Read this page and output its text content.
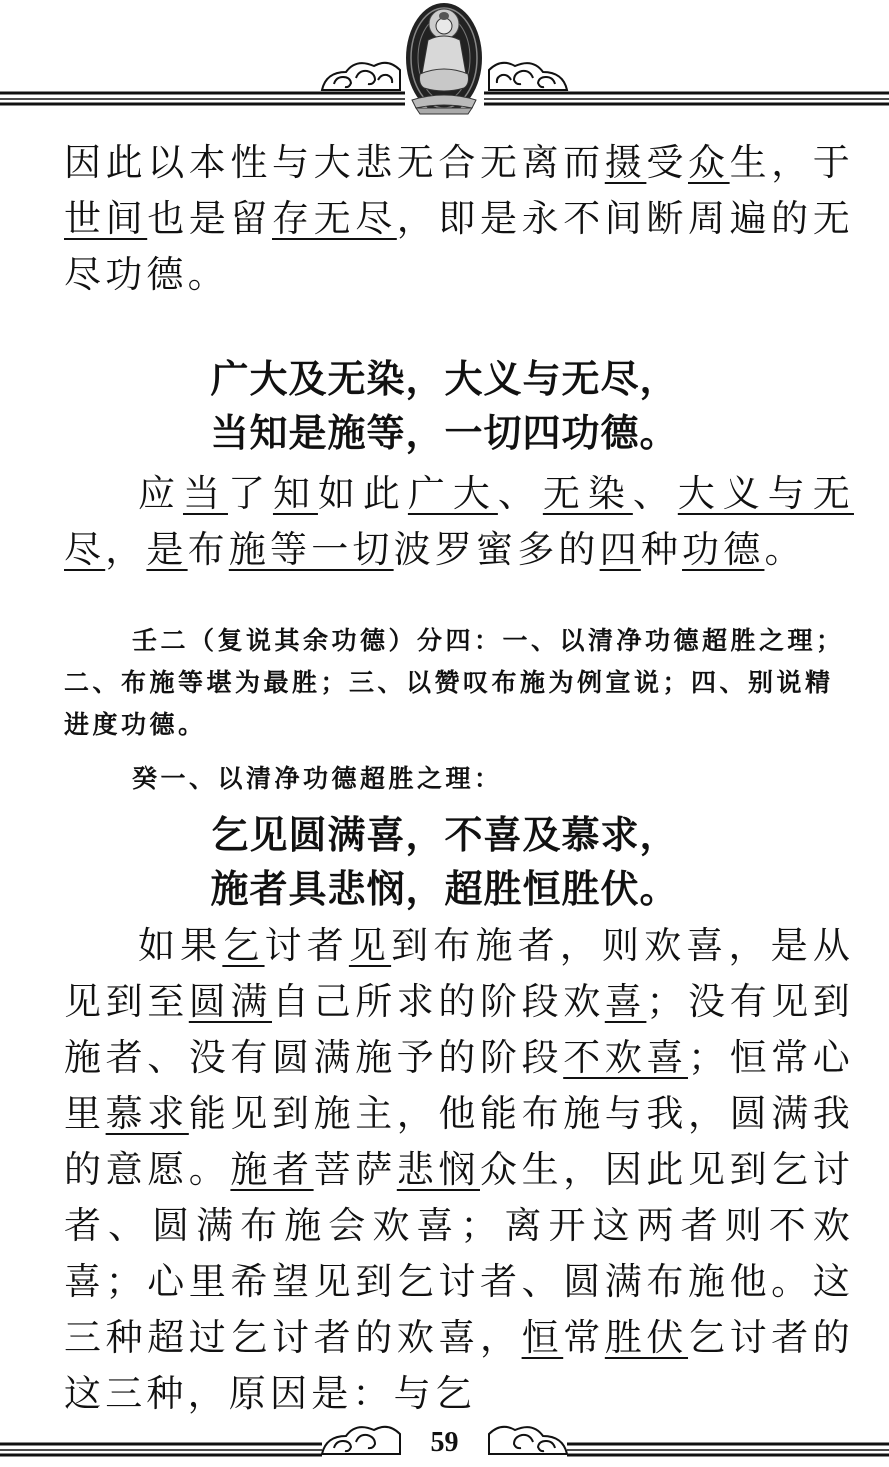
因此以本性与大悲无合无离而摄受众生，于世间也是留存无尽，即是永不间断周遍的无尽功德。

广大及无染，大义与无尽，
当知是施等，一切四功德。

应当了知如此广大、无染、大义与无尽，是布施等一切波罗蜜多的四种功德。

壬二（复说其余功德）分四：一、以清净功德超胜之理；二、布施等堪为最胜；三、以赞叹布施为例宣说；四、别说精进度功德。

癸一、以清净功德超胜之理：

乞见圆满喜，不喜及慕求，
施者具悲悯，超胜恒胜伏。

如果乞讨者见到布施者，则欢喜，是从见到至圆满自己所求的阶段欢喜；没有见到施者、没有圆满施予的阶段不欢喜；恒常心里慕求能见到施主，他能布施与我，圆满我的意愿。施者菩萨悲悯众生，因此见到乞讨者、圆满布施会欢喜；离开这两者则不欢喜；心里希望见到乞讨者、圆满布施他。这三种超过乞讨者的欢喜，恒常胜伏乞讨者的这三种，原因是：与乞

59
